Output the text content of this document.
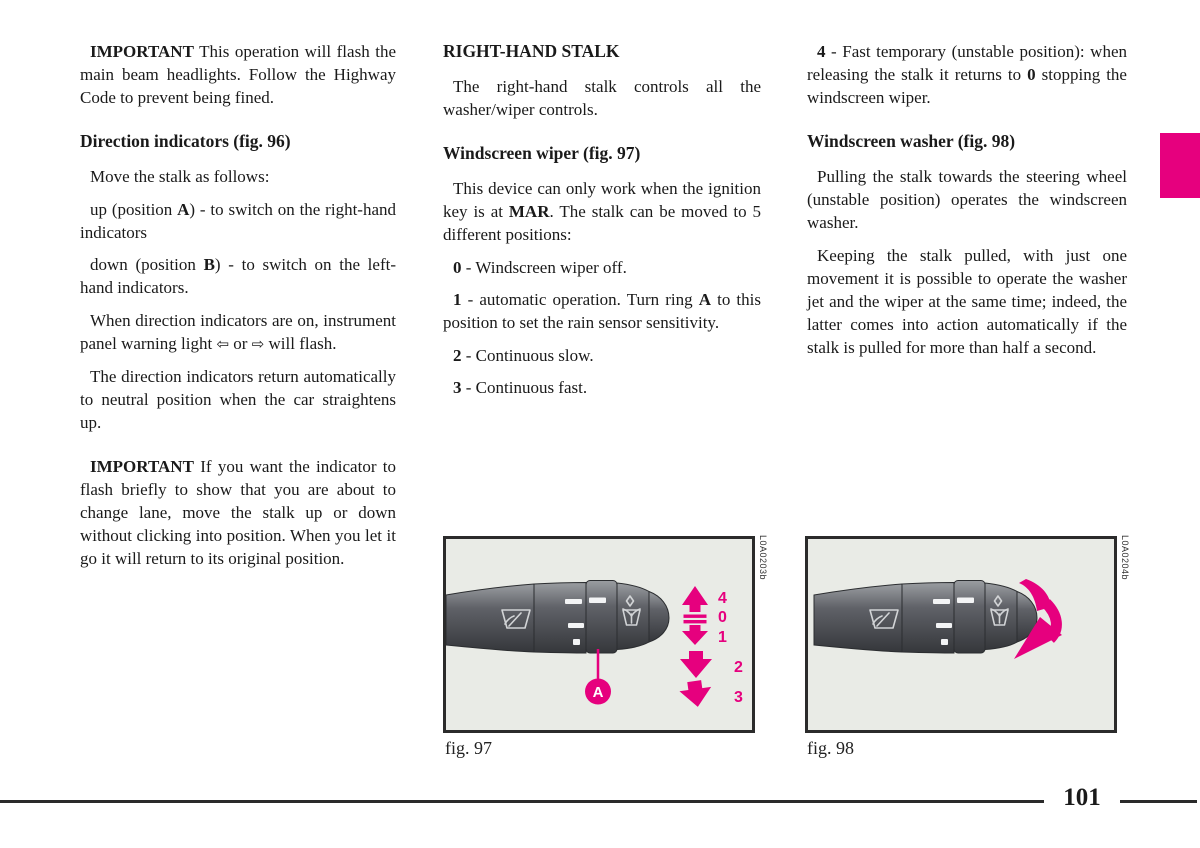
IMPORTANT This operation will flash the main beam headlights. Follow the Highway Code to prevent being fined.

Direction indicators (fig. 96)

Move the stalk as follows:

up (position A) - to switch on the right-hand indicators

down (position B) - to switch on the left-hand indicators.

When direction indicators are on, instrument panel warning light ⇦ or ⇨ will flash.

The direction indicators return automatically to neutral position when the car straightens up.

IMPORTANT If you want the indicator to flash briefly to show that you are about to change lane, move the stalk up or down without clicking into position. When you let it go it will return to its original position.

RIGHT-HAND STALK

The right-hand stalk controls all the washer/wiper controls.

Windscreen wiper (fig. 97)

This device can only work when the ignition key is at MAR. The stalk can be moved to 5 different positions:

0 - Windscreen wiper off.

1 - automatic operation. Turn ring A to this position to set the rain sensor sensitivity.

2 - Continuous slow.

3 - Continuous fast.

4 - Fast temporary (unstable position): when releasing the stalk it returns to 0 stopping the windscreen wiper.

Windscreen washer (fig. 98)

Pulling the stalk towards the steering wheel (unstable position) operates the windscreen washer.

Keeping the stalk pulled, with just one movement it is possible to operate the washer jet and the wiper at the same time; indeed, the latter comes into action automatically if the stalk is pulled for more than half a second.

A
4
0
1
2
3
fig. 97	fig. 98
L0A0203b	L0A0204b
101
